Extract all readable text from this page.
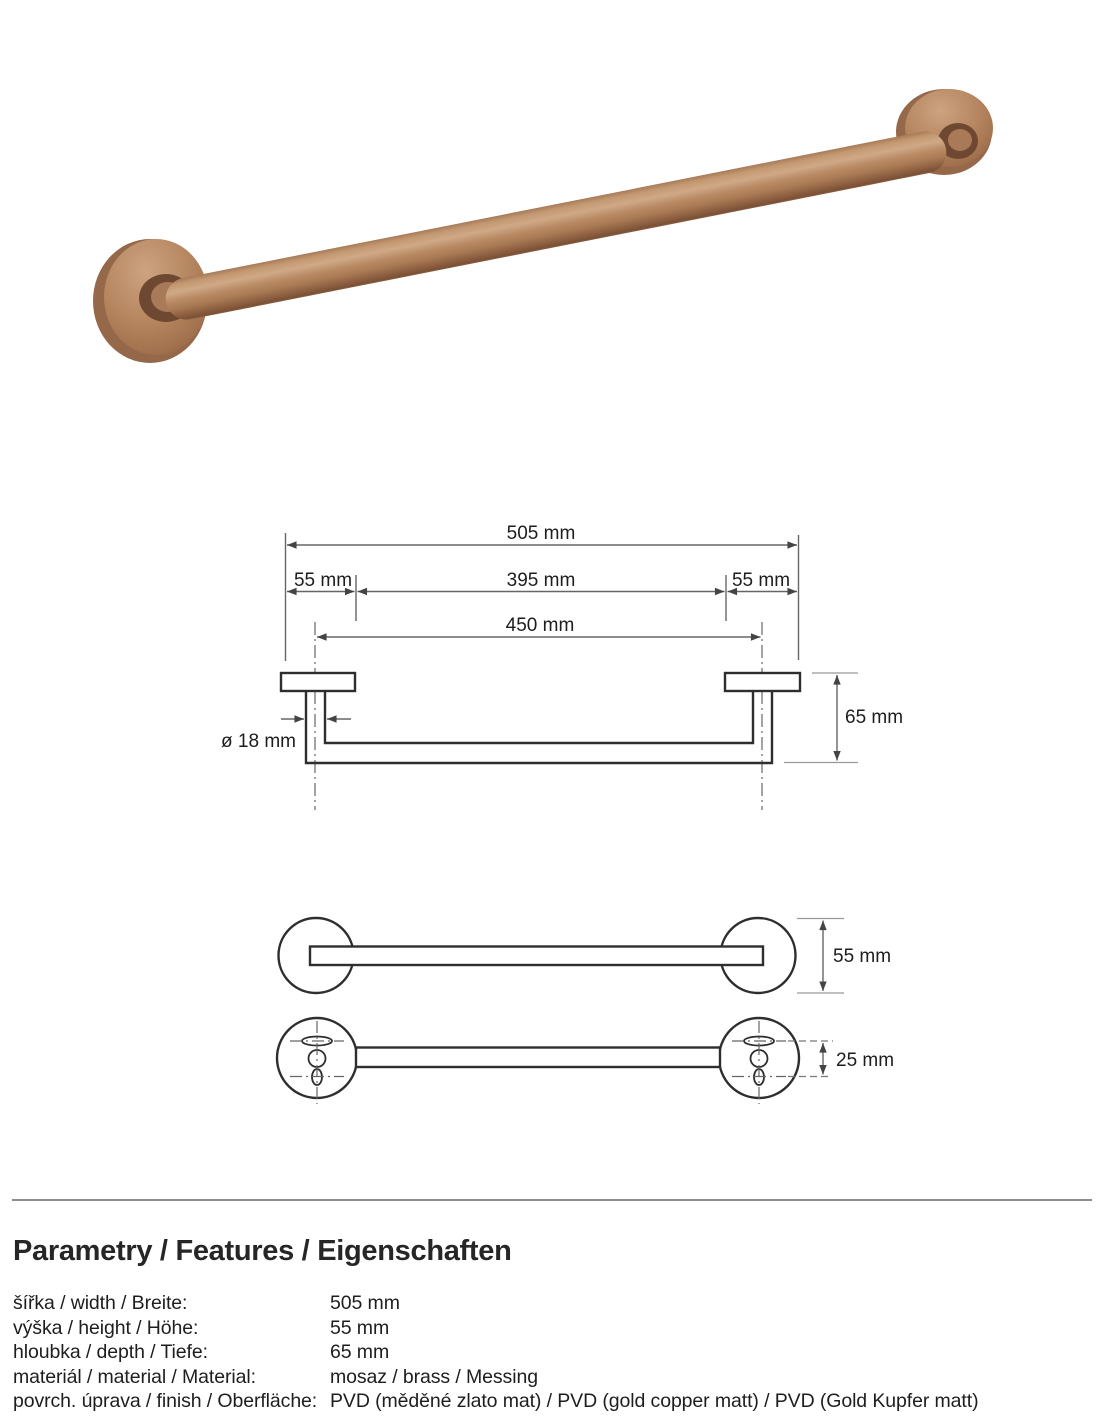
505 mm
55 mm	395 mm	55 mm
450 mm
ø 18 mm
65 mm
55 mm
25 mm
Parametry / Features / Eigenschaften
šířka / width / Breite:	505 mm
výška / height / Höhe:	55 mm
hloubka / depth / Tiefe:	65 mm
materiál / material / Material:	mosaz / brass / Messing
povrch. úprava / finish / Oberfläche: PVD (měděné zlato mat) / PVD (gold copper matt) / PVD (Gold Kupfer matt)
